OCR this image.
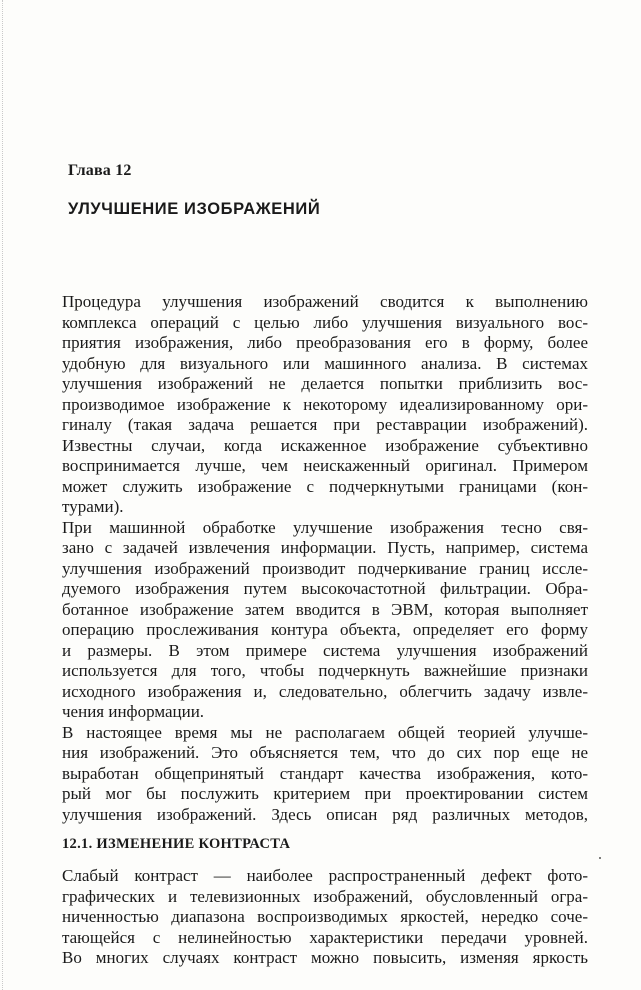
Глава 12
УЛУЧШЕНИЕ ИЗОБРАЖЕНИЙ
Процедура улучшения изображений сводится к выполнению
комплекса операций с целью либо улучшения визуального вос-
приятия изображения, либо преобразования его в форму, более
удобную для визуального или машинного анализа. В системах
улучшения изображений не делается попытки приблизить вос-
производимое изображение к некоторому идеализированному ори-
гиналу (такая задача решается при реставрации изображений).
Известны случаи, когда искаженное изображение субъективно
воспринимается лучше, чем неискаженный оригинал. Примером
может служить изображение с подчеркнутыми границами (кон-
турами).
При машинной обработке улучшение изображения тесно свя-
зано с задачей извлечения информации. Пусть, например, система
улучшения изображений производит подчеркивание границ иссле-
дуемого изображения путем высокочастотной фильтрации. Обра-
ботанное изображение затем вводится в ЭВМ, которая выполняет
операцию прослеживания контура объекта, определяет его форму
и размеры. В этом примере система улучшения изображений
используется для того, чтобы подчеркнуть важнейшие признаки
исходного изображения и, следовательно, облегчить задачу извле-
чения информации.
В настоящее время мы не располагаем общей теорией улучше-
ния изображений. Это объясняется тем, что до сих пор еще не
выработан общепринятый стандарт качества изображения, кото-
рый мог бы послужить критерием при проектировании систем
улучшения изображений. Здесь описан ряд различных методов,
12.1. ИЗМЕНЕНИЕ КОНТРАСТА
Слабый контраст — наиболее распространенный дефект фото-
графических и телевизионных изображений, обусловленный огра-
ниченностью диапазона воспроизводимых яркостей, нередко соче-
тающейся с нелинейностью характеристики передачи уровней.
Во многих случаях контраст можно повысить, изменяя яркость
